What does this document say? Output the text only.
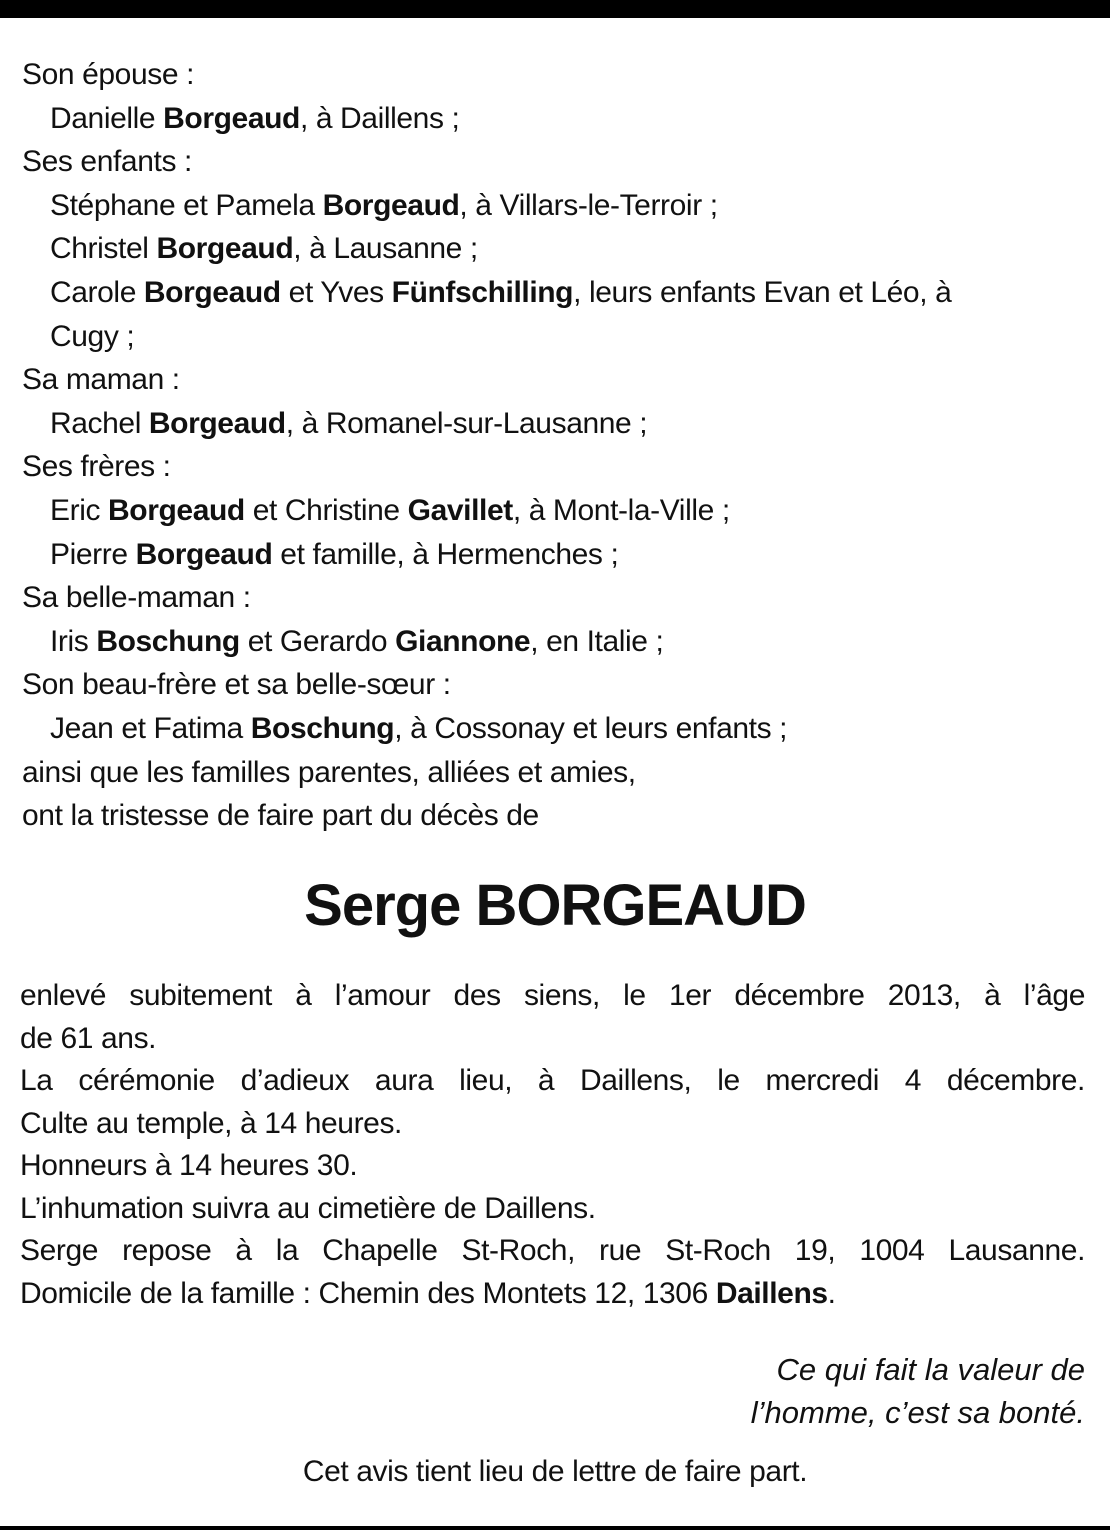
Son épouse :
Danielle Borgeaud, à Daillens ;
Ses enfants :
Stéphane et Pamela Borgeaud, à Villars-le-Terroir ;
Christel Borgeaud, à Lausanne ;
Carole Borgeaud et Yves Fünfschilling, leurs enfants Evan et Léo, à
Cugy ;
Sa maman :
Rachel Borgeaud, à Romanel-sur-Lausanne ;
Ses frères :
Eric Borgeaud et Christine Gavillet, à Mont-la-Ville ;
Pierre Borgeaud et famille, à Hermenches ;
Sa belle-maman :
Iris Boschung et Gerardo Giannone, en Italie ;
Son beau-frère et sa belle-sœur :
Jean et Fatima Boschung, à Cossonay et leurs enfants ;
ainsi que les familles parentes, alliées et amies,
ont la tristesse de faire part du décès de
Serge BORGEAUD
enlevé subitement à l’amour des siens, le 1er décembre 2013, à l’âge
de 61 ans.
La cérémonie d’adieux aura lieu, à Daillens, le mercredi 4 décembre.
Culte au temple, à 14 heures.
Honneurs à 14 heures 30.
L’inhumation suivra au cimetière de Daillens.
Serge repose à la Chapelle St-Roch, rue St-Roch 19, 1004 Lausanne.
Domicile de la famille : Chemin des Montets 12, 1306 Daillens.
Ce qui fait la valeur de
l’homme, c’est sa bonté.
Cet avis tient lieu de lettre de faire part.
